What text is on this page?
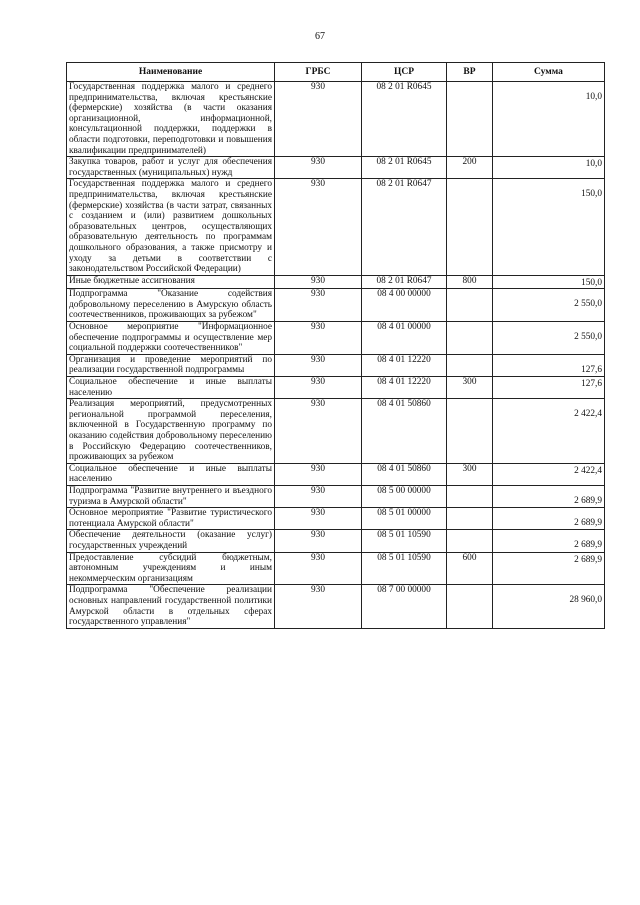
67
Наименование	ГРБС	ЦСР	ВР	Сумма
Государственная поддержка малого и среднего предпринимательства, включая крестьянские (фермерские) хозяйства (в части оказания организационной, информационной, консультационной поддержки, поддержки в области подготовки, переподготовки и повышения квалификации предпринимателей)	930	08 2 01 R0645		10,0

Закупка товаров, работ и услуг для обеспечения государственных (муниципальных) нужд	930	08 2 01 R0645	200	10,0

Государственная поддержка малого и среднего предпринимательства, включая крестьянские (фермерские) хозяйства (в части затрат, связанных с созданием и (или) развитием дошкольных образовательных центров, осуществляющих образовательную деятельность по программам дошкольного образования, а также присмотру и уходу за детьми в соответствии с законодательством Российской Федерации)	930	08 2 01 R0647		150,0

Иные бюджетные ассигнования	930	08 2 01 R0647	800	150,0

Подпрограмма "Оказание содействия добровольному переселению в Амурскую область соотечественников, проживающих за рубежом"	930	08 4 00 00000		2 550,0

Основное мероприятие "Информационное обеспечение подпрограммы и осуществление мер социальной поддержки соотечественников"	930	08 4 01 00000		2 550,0

Организация и проведение мероприятий по реализации государственной подпрограммы	930	08 4 01 12220		127,6

Социальное обеспечение и иные выплаты населению	930	08 4 01 12220	300	127,6

Реализация мероприятий, предусмотренных региональной программой переселения, включенной в Государственную программу по оказанию содействия добровольному переселению в Российскую Федерацию соотечественников, проживающих за рубежом	930	08 4 01 50860		2 422,4

Социальное обеспечение и иные выплаты населению	930	08 4 01 50860	300	2 422,4

Подпрограмма "Развитие внутреннего и въездного туризма в Амурской области"	930	08 5 00 00000		2 689,9

Основное мероприятие "Развитие туристического потенциала Амурской области"	930	08 5 01 00000		2 689,9

Обеспечение деятельности (оказание услуг) государственных учреждений	930	08 5 01 10590		2 689,9

Предоставление субсидий бюджетным, автономным учреждениям и иным некоммерческим организациям	930	08 5 01 10590	600	2 689,9

Подпрограмма "Обеспечение реализации основных направлений государственной политики Амурской области в отдельных сферах государственного управления"	930	08 7 00 00000		28 960,0
